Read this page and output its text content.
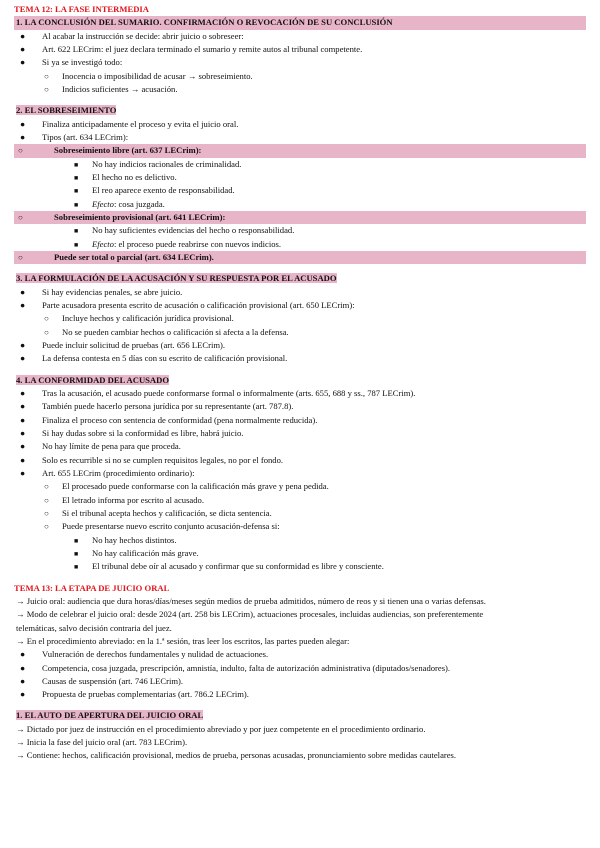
TEMA 12: LA FASE INTERMEDIA
1. LA CONCLUSIÓN DEL SUMARIO. CONFIRMACIÓN O REVOCACIÓN DE SU CONCLUSIÓN
● Al acabar la instrucción se decide: abrir juicio o sobreseer:
● Art. 622 LECrim: el juez declara terminado el sumario y remite autos al tribunal competente.
● Si ya se investigó todo:
○ Inocencia o imposibilidad de acusar → sobreseimiento.
○ Indicios suficientes → acusación.
2. EL SOBRESEIMIENTO
● Finaliza anticipadamente el proceso y evita el juicio oral.
● Tipos (art. 634 LECrim):
○	Sobreseimiento libre (art. 637 LECrim):
■ No hay indicios racionales de criminalidad.
■ El hecho no es delictivo.
■ El reo aparece exento de responsabilidad.
■ Efecto: cosa juzgada.
○	Sobreseimiento provisional (art. 641 LECrim):
■ No hay suficientes evidencias del hecho o responsabilidad.
■ Efecto: el proceso puede reabrirse con nuevos indicios.
○	Puede ser total o parcial (art. 634 LECrim).
3. LA FORMULACIÓN DE LA ACUSACIÓN Y SU RESPUESTA POR EL ACUSADO
● Si hay evidencias penales, se abre juicio.
● Parte acusadora presenta escrito de acusación o calificación provisional (art. 650 LECrim):
○ Incluye hechos y calificación jurídica provisional.
○ No se pueden cambiar hechos o calificación si afecta a la defensa.
● Puede incluir solicitud de pruebas (art. 656 LECrim).
● La defensa contesta en 5 días con su escrito de calificación provisional.
4. LA CONFORMIDAD DEL ACUSADO
● Tras la acusación, el acusado puede conformarse formal o informalmente (arts. 655, 688 y ss., 787 LECrim).
● También puede hacerlo persona jurídica por su representante (art. 787.8).
● Finaliza el proceso con sentencia de conformidad (pena normalmente reducida).
● Si hay dudas sobre si la conformidad es libre, habrá juicio.
● No hay límite de pena para que proceda.
● Solo es recurrible si no se cumplen requisitos legales, no por el fondo.
● Art. 655 LECrim (procedimiento ordinario):
○ El procesado puede conformarse con la calificación más grave y pena pedida.
○ El letrado informa por escrito al acusado.
○ Si el tribunal acepta hechos y calificación, se dicta sentencia.
○ Puede presentarse nuevo escrito conjunto acusación-defensa si:
■ No hay hechos distintos.
■ No hay calificación más grave.
■ El tribunal debe oír al acusado y confirmar que su conformidad es libre y consciente.
TEMA 13: LA ETAPA DE JUICIO ORAL
→ Juicio oral: audiencia que dura horas/días/meses según medios de prueba admitidos, número de reos y si tienen una o varias defensas.
→ Modo de celebrar el juicio oral: desde 2024 (art. 258 bis LECrim), actuaciones procesales, incluidas audiencias, son preferentemente
telemáticas, salvo decisión contraria del juez.
→ En el procedimiento abreviado: en la 1.ª sesión, tras leer los escritos, las partes pueden alegar:
● Vulneración de derechos fundamentales y nulidad de actuaciones.
● Competencia, cosa juzgada, prescripción, amnistía, indulto, falta de autorización administrativa (diputados/senadores).
● Causas de suspensión (art. 746 LECrim).
● Propuesta de pruebas complementarias (art. 786.2 LECrim).
1. EL AUTO DE APERTURA DEL JUICIO ORAL
→ Dictado por juez de instrucción en el procedimiento abreviado y por juez competente en el procedimiento ordinario.
→ Inicia la fase del juicio oral (art. 783 LECrim).
→ Contiene: hechos, calificación provisional, medios de prueba, personas acusadas, pronunciamiento sobre medidas cautelares.
